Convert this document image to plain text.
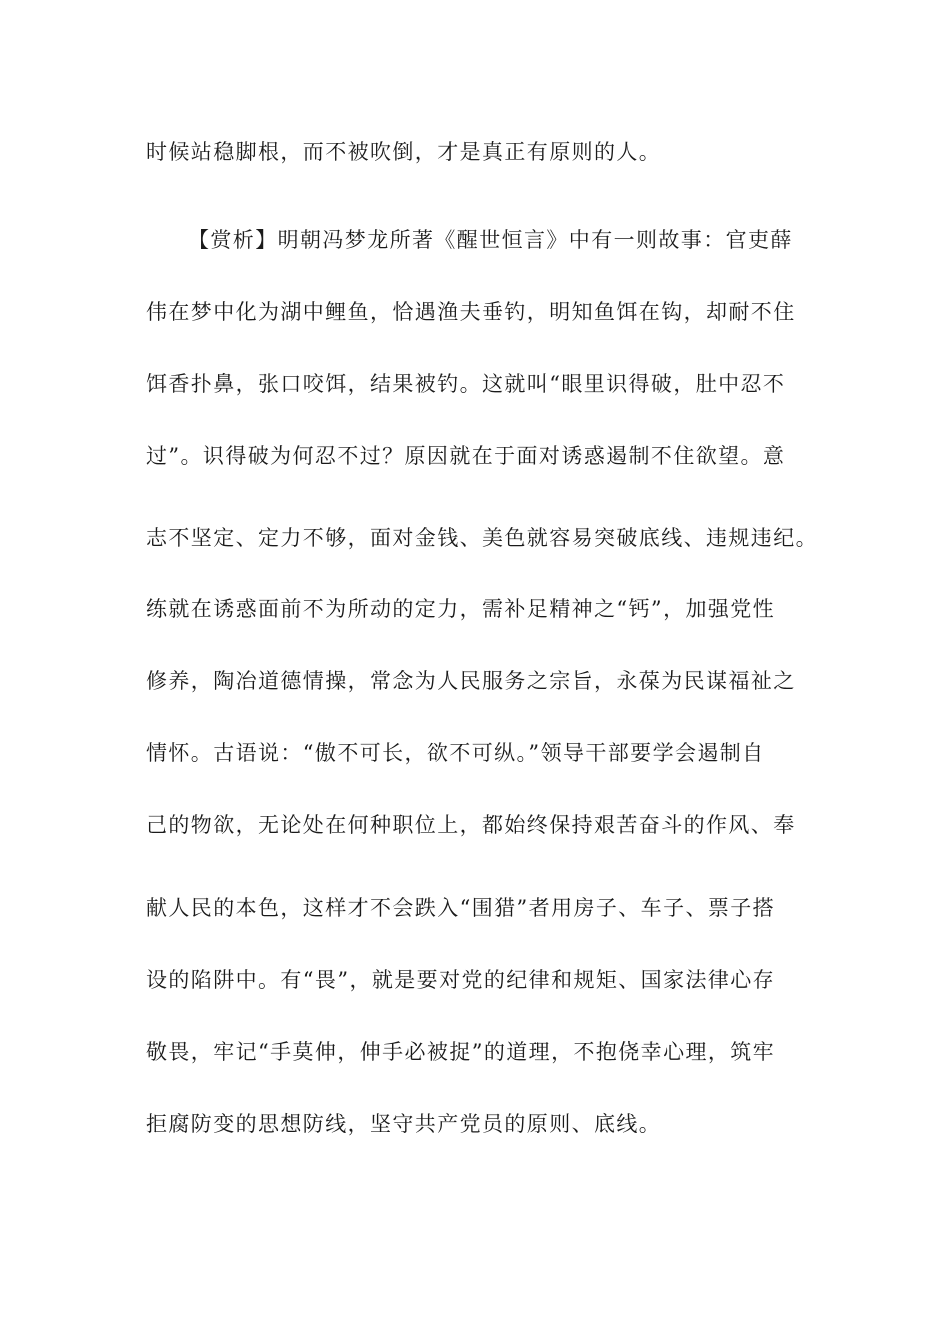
时候站稳脚根，而不被吹倒，才是真正有原则的人。

【赏析】明朝冯梦龙所著《醒世恒言》中有一则故事：官吏薛

伟在梦中化为湖中鲤鱼，恰遇渔夫垂钓，明知鱼饵在钩，却耐不住

饵香扑鼻，张口咬饵，结果被钓。这就叫“眼里识得破，肚中忍不

过”。识得破为何忍不过？原因就在于面对诱惑遏制不住欲望。意

志不坚定、定力不够，面对金钱、美色就容易突破底线、违规违纪。

练就在诱惑面前不为所动的定力，需补足精神之“钙”，加强党性

修养，陶冶道德情操，常念为人民服务之宗旨，永葆为民谋福祉之

情怀。古语说：“傲不可长，欲不可纵。”领导干部要学会遏制自

己的物欲，无论处在何种职位上，都始终保持艰苦奋斗的作风、奉

献人民的本色，这样才不会跌入“围猎”者用房子、车子、票子搭

设的陷阱中。有“畏”，就是要对党的纪律和规矩、国家法律心存

敬畏，牢记“手莫伸，伸手必被捉”的道理，不抱侥幸心理，筑牢

拒腐防变的思想防线，坚守共产党员的原则、底线。
